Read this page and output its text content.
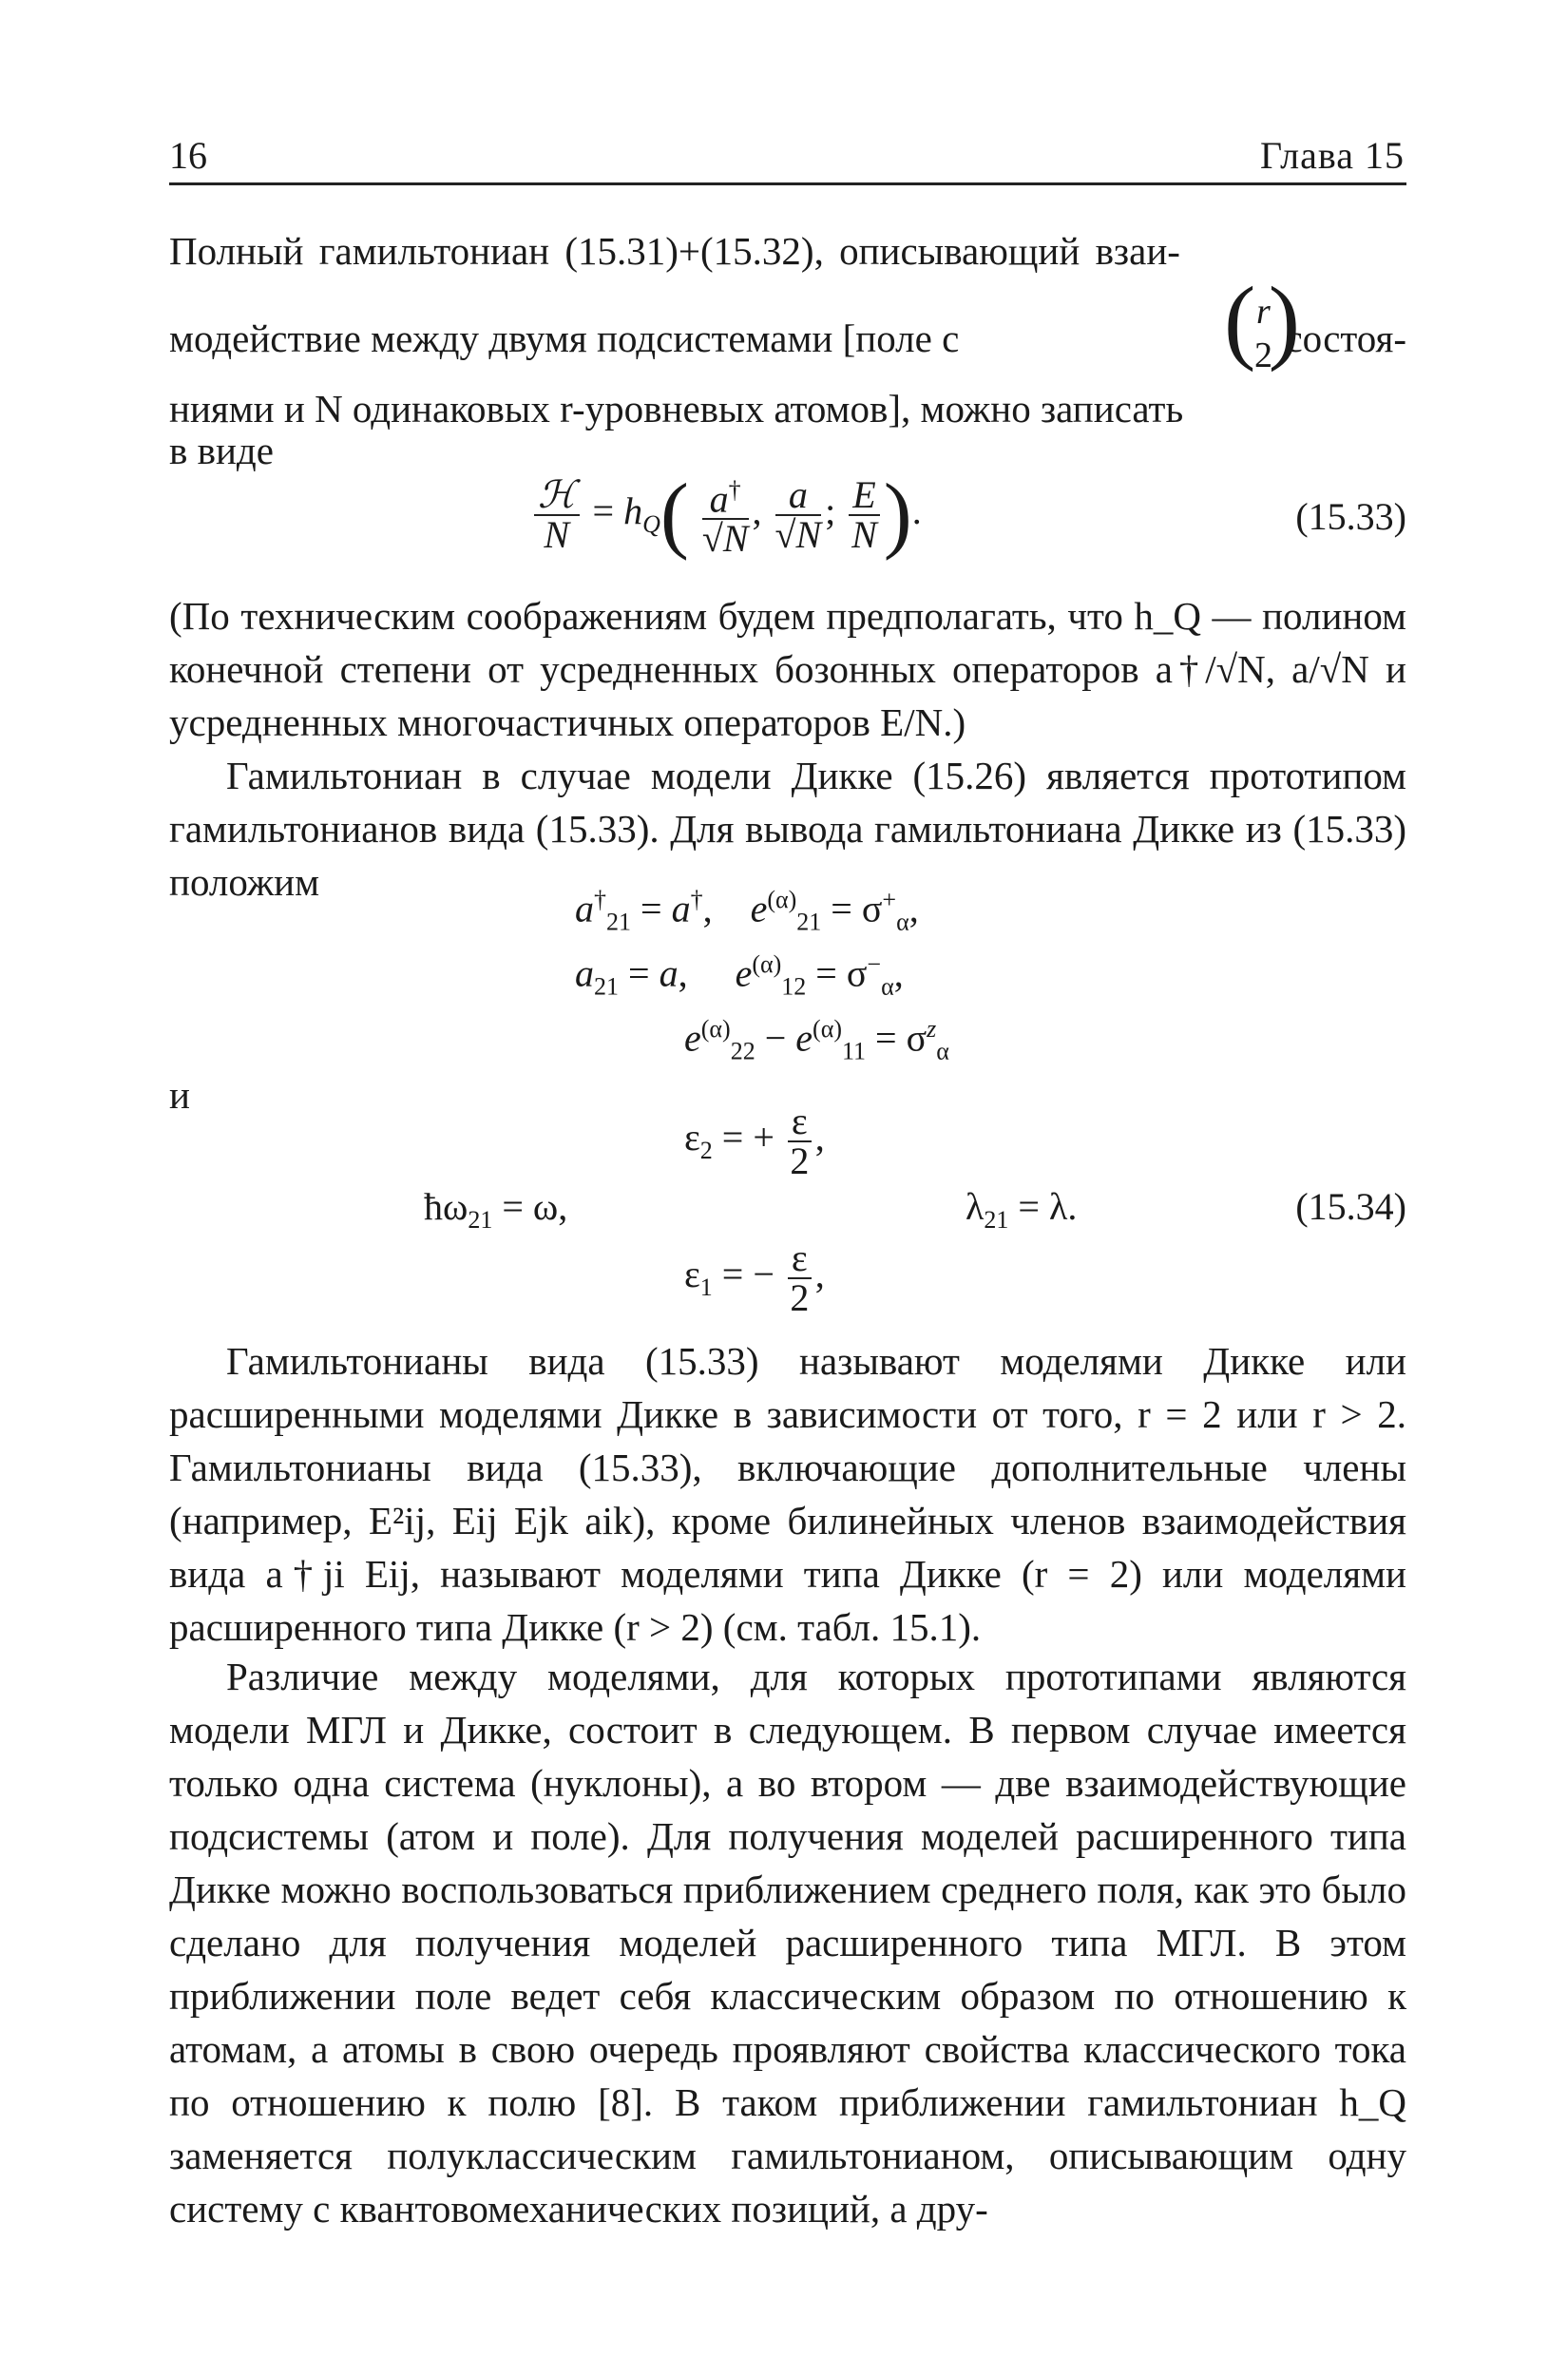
16	Глава 15
Полный гамильтониан (15.31)+(15.32), описывающий взаи-
модействие между двумя подсистемами [поле с	( r
2
)
состоя-
ниями и N одинаковых r-уровневых атомов], можно записать
в виде
$\frac{\text{ℋ}}{N} = h_Q( \frac{a^\dagger}{√N}$ , $\frac{a}{√N}$ ; $\frac{E}{N}$ ).	(15.33)
(По техническим соображениям будем предполагать, что h_Q — полином конечной степени от усредненных бозонных операторов a†/√N, a/√N и усредненных многочастичных операторов E/N.)
Гамильтониан в случае модели Дикке (15.26) является прототипом гамильтонианов вида (15.33). Для вывода гамильтониана Дикке из (15.33) положим
$a^\dagger_{21} = a^\dagger$,    $e^{(\alpha)}_{21} = \sigma^+_\alpha$,
$a_{21} = a$,     $e^{(\alpha)}_{12} = \sigma^-_\alpha$,
$e^{(\alpha)}_{22} - e^{(\alpha)}_{11} = \sigma^z_\alpha$
и
$\varepsilon_2$ = + $\frac{\varepsilon}{2}$ ,
$ħ\omega_{21} = \omega$,	$\lambda_{21} = \lambda$.	(15.34)
$\varepsilon_1$ = − $\frac{\varepsilon}{2}$ ,
Гамильтонианы вида (15.33) называют моделями Дикке или расширенными моделями Дикке в зависимости от того, r = 2 или r > 2. Гамильтонианы вида (15.33), включающие дополнительные члены (например, E²ij, Eij Ejk aik), кроме билинейных членов взаимодействия вида a†ji Eij, называют моделями типа Дикке (r = 2) или моделями расширенного типа Дикке (r > 2) (см. табл. 15.1).
Различие между моделями, для которых прототипами являются модели МГЛ и Дикке, состоит в следующем. В первом случае имеется только одна система (нуклоны), а во втором — две взаимодействующие подсистемы (атом и поле). Для получения моделей расширенного типа Дикке можно воспользоваться приближением среднего поля, как это было сделано для получения моделей расширенного типа МГЛ. В этом приближении поле ведет себя классическим образом по отношению к атомам, а атомы в свою очередь проявляют свойства классического тока по отношению к полю [8]. В таком приближении гамильтониан h_Q заменяется полуклассическим гамильтонианом, описывающим одну систему с квантовомеханических позиций, а дру-
